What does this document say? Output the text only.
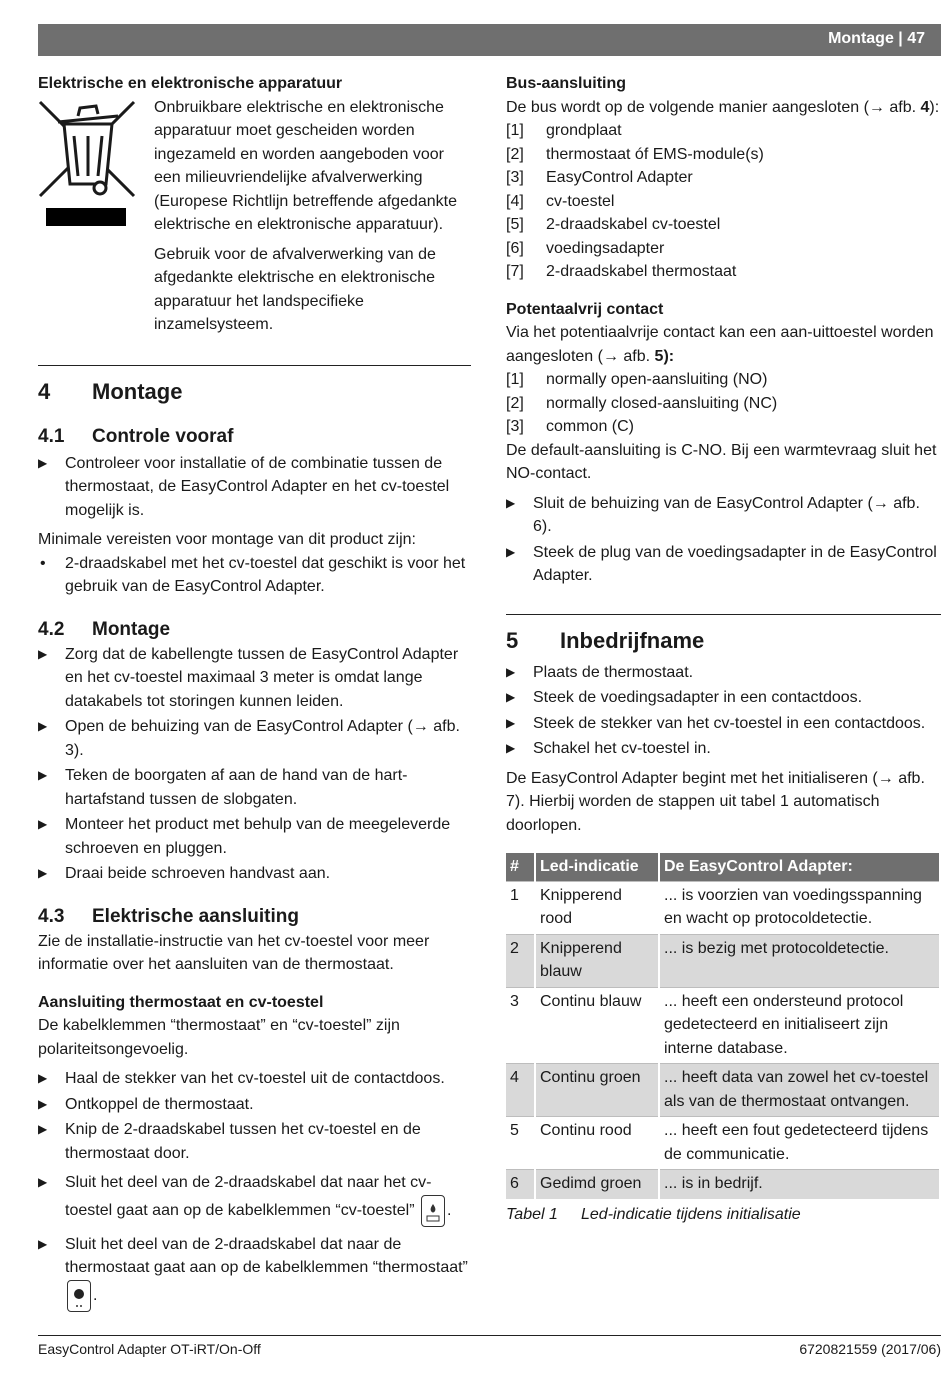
Montage | 47
Elektrische en elektronische apparatuur

Onbruikbare elektrische en elektronische apparatuur moet gescheiden worden ingezameld en worden aangeboden voor een milieuvriendelijke afvalverwerking (Europese Richtlijn betreffende afgedankte elektrische en elektronische apparatuur).

Gebruik voor de afvalverwerking van de afgedankte elektrische en elektronische apparatuur het landspecifieke inzamelsysteem.

4	Montage
4.1	Controle vooraf
▶	Controleer voor installatie of de combinatie tussen de thermostaat, de EasyControl Adapter en het cv-toestel mogelijk is.

Minimale vereisten voor montage van dit product zijn:

•	2-draadskabel met het cv-toestel dat geschikt is voor het gebruik van de EasyControl Adapter.
4.2	Montage
▶	Zorg dat de kabellengte tussen de EasyControl Adapter en het cv-toestel maximaal 3 meter is omdat lange datakabels tot storingen kunnen leiden.
▶	Open de behuizing van de EasyControl Adapter (→ afb. 3).
▶	Teken de boorgaten af aan de hand van de hart-hartafstand tussen de slobgaten.
▶	Monteer het product met behulp van de meegeleverde schroeven en pluggen.
▶	Draai beide schroeven handvast aan.
4.3	Elektrische aansluiting

Zie de installatie-instructie van het cv-toestel voor meer informatie over het aansluiten van de thermostaat.

Aansluiting thermostaat en cv-toestel

De kabelklemmen “thermostaat” en “cv-toestel” zijn polariteitsongevoelig.

▶	Haal de stekker van het cv-toestel uit de contactdoos.
▶	Ontkoppel de thermostaat.
▶	Knip de 2-draadskabel tussen het cv-toestel en de thermostaat door.
▶	Sluit het deel van de 2-draadskabel dat naar het cv-toestel gaat aan op de kabelklemmen “cv-toestel” .
▶	Sluit het deel van de 2-draadskabel dat naar de thermostaat gaat aan op de kabelklemmen “thermostaat” .
Bus-aansluiting

De bus wordt op de volgende manier aangesloten (→ afb. 4):

[1]	grondplaat
[2]	thermostaat óf EMS-module(s)
[3]	EasyControl Adapter
[4]	cv-toestel
[5]	2-draadskabel cv-toestel
[6]	voedingsadapter
[7]	2-draadskabel thermostaat
Potentaalvrij contact

Via het potentiaalvrije contact kan een aan-uittoestel worden aangesloten (→ afb. 5):

[1]	normally open-aansluiting (NO)
[2]	normally closed-aansluiting (NC)
[3]	common (C)

De default-aansluiting is C-NO. Bij een warmtevraag sluit het NO-contact.

▶	Sluit de behuizing van de EasyControl Adapter (→ afb. 6).
▶	Steek de plug van de voedingsadapter in de EasyControl Adapter.
5	Inbedrijfname
▶	Plaats de thermostaat.
▶	Steek de voedingsadapter in een contactdoos.
▶	Steek de stekker van het cv-toestel in een contactdoos.
▶	Schakel het cv-toestel in.

De EasyControl Adapter begint met het initialiseren (→ afb. 7). Hierbij worden de stappen uit tabel 1 automatisch doorlopen.

#	Led-indicatie	De EasyControl Adapter:
1	Knipperend rood	... is voorzien van voedingsspanning en wacht op protocoldetectie.
2	Knipperend blauw	... is bezig met protocoldetectie.
3	Continu blauw	... heeft een ondersteund protocol gedetecteerd en initialiseert zijn interne database.
4	Continu groen	... heeft data van zowel het cv-toestel als van de thermostaat ontvangen.
5	Continu rood	... heeft een fout gedetecteerd tijdens de communicatie.
6	Gedimd groen	... is in bedrijf.
Tabel 1	Led-indicatie tijdens initialisatie
EasyControl Adapter OT-iRT/On-Off	6720821559 (2017/06)
